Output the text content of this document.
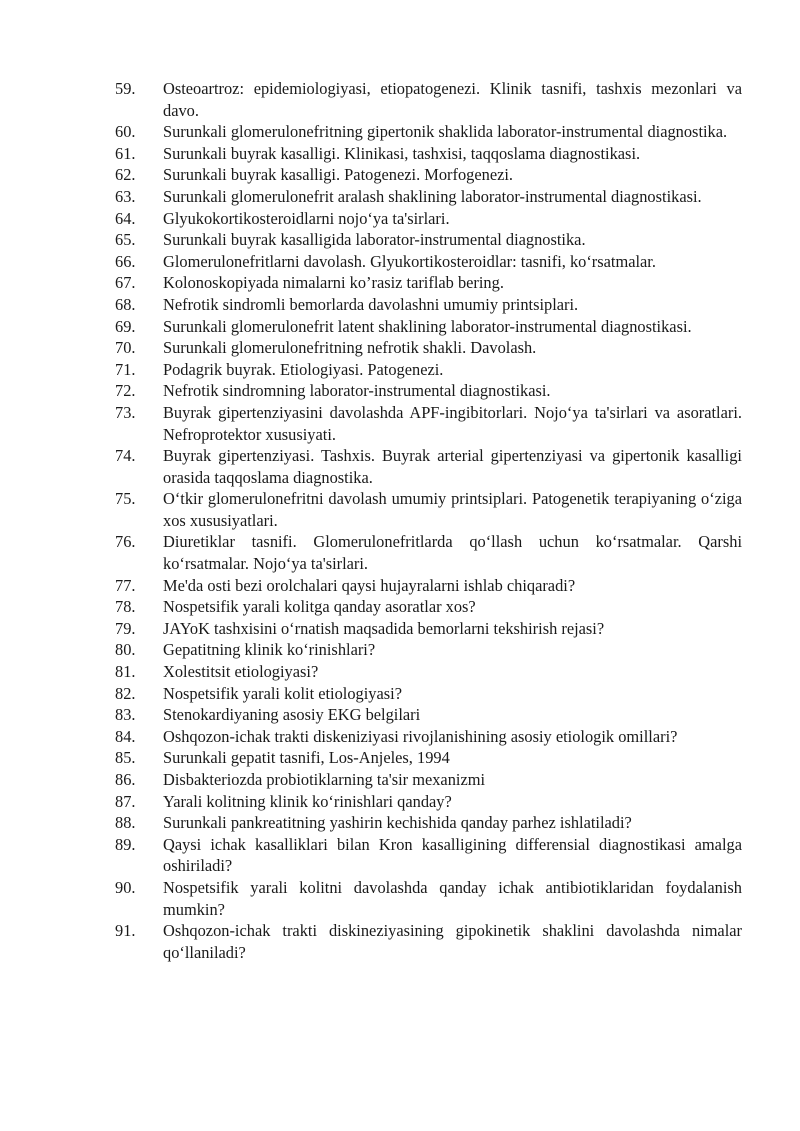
59.	Osteoartroz: epidemiologiyasi, etiopatogenezi. Klinik tasnifi, tashxis mezonlari va davo.
60.	Surunkali glomerulonefritning gipertonik shaklida laborator-instrumental diagnostika.
61.	Surunkali buyrak kasalligi. Klinikasi, tashxisi, taqqoslama diagnostikasi.
62.	Surunkali buyrak kasalligi. Patogenezi. Morfogenezi.
63.	Surunkali glomerulonefrit aralash shaklining laborator-instrumental diagnostikasi.
64.	Glyukokortikosteroidlarni nojo‘ya ta'sirlari.
65.	Surunkali buyrak kasalligida laborator-instrumental diagnostika.
66.	Glomerulonefritlarni davolash. Glyukortikosteroidlar: tasnifi, ko‘rsatmalar.
67.	Kolonoskopiyada nimalarni ko’rasiz tariflab bering.
68.	Nefrotik sindromli bemorlarda davolashni umumiy printsiplari.
69.	Surunkali glomerulonefrit latent shaklining laborator-instrumental diagnostikasi.
70.	Surunkali glomerulonefritning nefrotik shakli. Davolash.
71.	Podagrik buyrak. Etiologiyasi. Patogenezi.
72.	Nefrotik sindromning laborator-instrumental diagnostikasi.
73.	Buyrak gipertenziyasini davolashda APF-ingibitorlari. Nojo‘ya ta'sirlari va asoratlari. Nefroprotektor xususiyati.
74.	Buyrak gipertenziyasi. Tashxis. Buyrak arterial gipertenziyasi va gipertonik kasalligi orasida taqqoslama diagnostika.
75.	O‘tkir glomerulonefritni davolash umumiy printsiplari. Patogenetik terapiyaning o‘ziga xos xususiyatlari.
76.	Diuretiklar tasnifi. Glomerulonefritlarda qo‘llash uchun ko‘rsatmalar. Qarshi ko‘rsatmalar. Nojo‘ya ta'sirlari.
77.	Me'da osti bezi orolchalari qaysi hujayralarni ishlab chiqaradi?
78.	Nospetsifik yarali kolitga qanday asoratlar xos?
79.	JAYoK tashxisini o‘rnatish maqsadida bemorlarni tekshirish rejasi?
80.	Gepatitning klinik ko‘rinishlari?
81.	Xolestitsit etiologiyasi?
82.	Nospetsifik yarali kolit etiologiyasi?
83.	Stenokardiyaning asosiy EKG belgilari
84.	Oshqozon-ichak trakti diskeniziyasi rivojlanishining asosiy etiologik omillari?
85.	Surunkali gepatit tasnifi, Los-Anjeles, 1994
86.	Disbakteriozda probiotiklarning ta'sir mexanizmi
87.	Yarali kolitning klinik ko‘rinishlari qanday?
88.	Surunkali pankreatitning yashirin kechishida qanday parhez ishlatiladi?
89.	Qaysi ichak kasalliklari bilan Kron kasalligining differensial diagnostikasi amalga oshiriladi?
90.	Nospetsifik yarali kolitni davolashda qanday ichak antibiotiklaridan foydalanish mumkin?
91.	Oshqozon-ichak trakti diskineziyasining gipokinetik shaklini davolashda nimalar qo‘llaniladi?
